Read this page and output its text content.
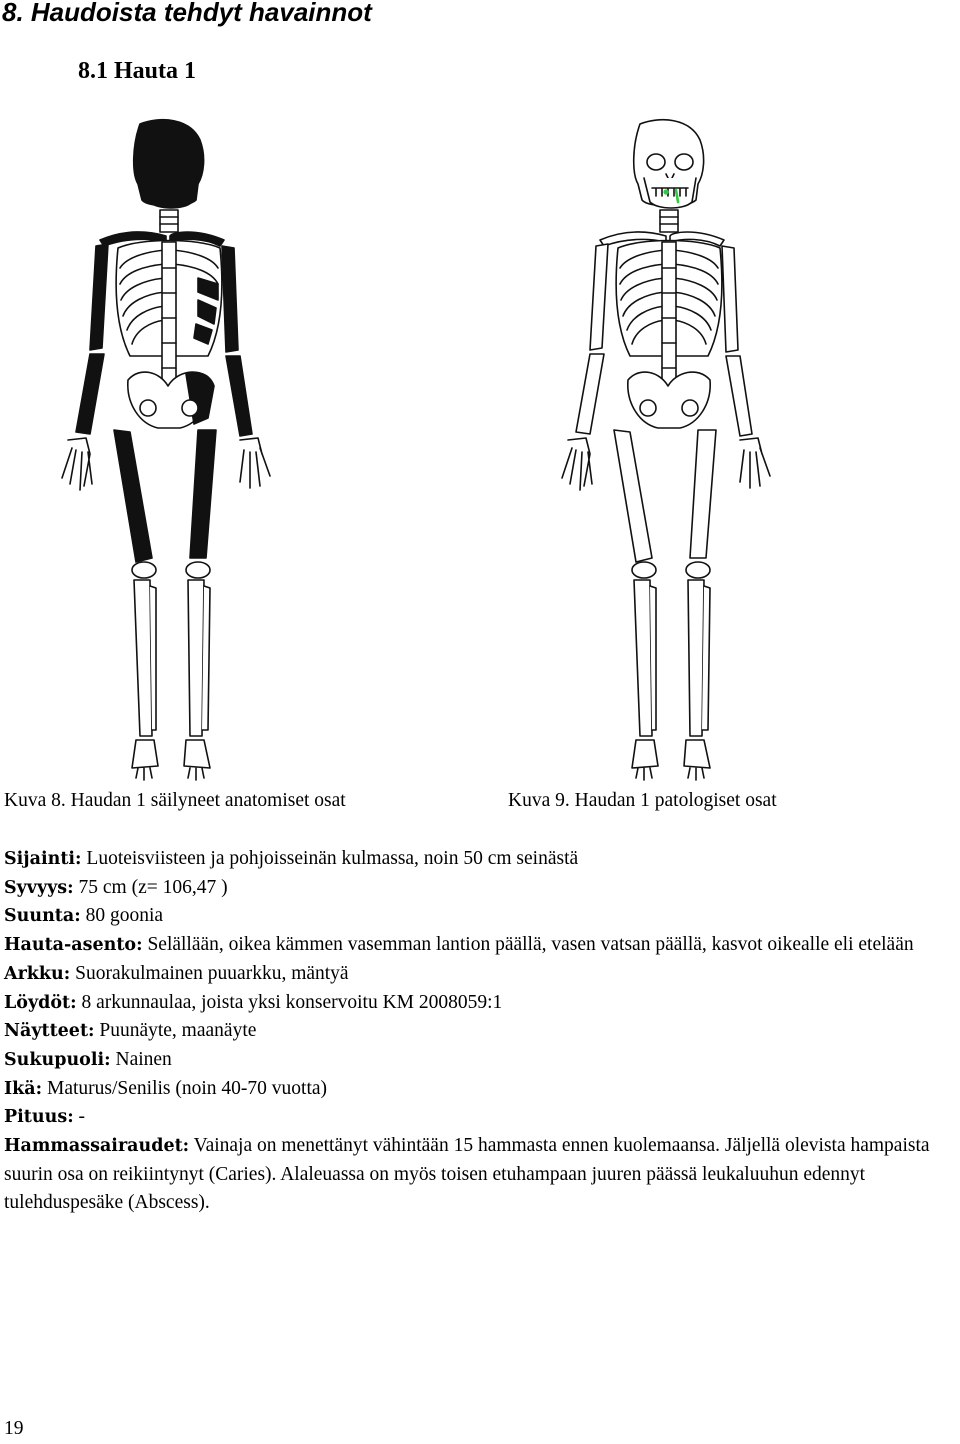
8. Haudoista tehdyt havainnot
8.1 Hauta 1
Kuva 8. Haudan 1 säilyneet anatomiset osat	Kuva 9. Haudan 1 patologiset osat

Sijainti: Luoteisviisteen ja pohjoisseinän kulmassa, noin 50 cm seinästä

Syvyys: 75 cm (z= 106,47 )

Suunta: 80 goonia

Hauta-asento: Selällään, oikea kämmen vasemman lantion päällä, vasen vatsan päällä, kasvot oikealle eli etelään

Arkku: Suorakulmainen puuarkku, mäntyä

Löydöt: 8 arkunnaulaa, joista yksi konservoitu KM 2008059:1

Näytteet: Puunäyte, maanäyte

Sukupuoli: Nainen

Ikä: Maturus/Senilis (noin 40-70 vuotta)

Pituus: -

Hammassairaudet: Vainaja on menettänyt vähintään 15 hammasta ennen kuolemaansa. Jäljellä olevista hampaista suurin osa on reikiintynyt (Caries). Alaleuassa on myös toisen etuhampaan juuren päässä leukaluuhun edennyt tulehduspesäke (Abscess).

19
